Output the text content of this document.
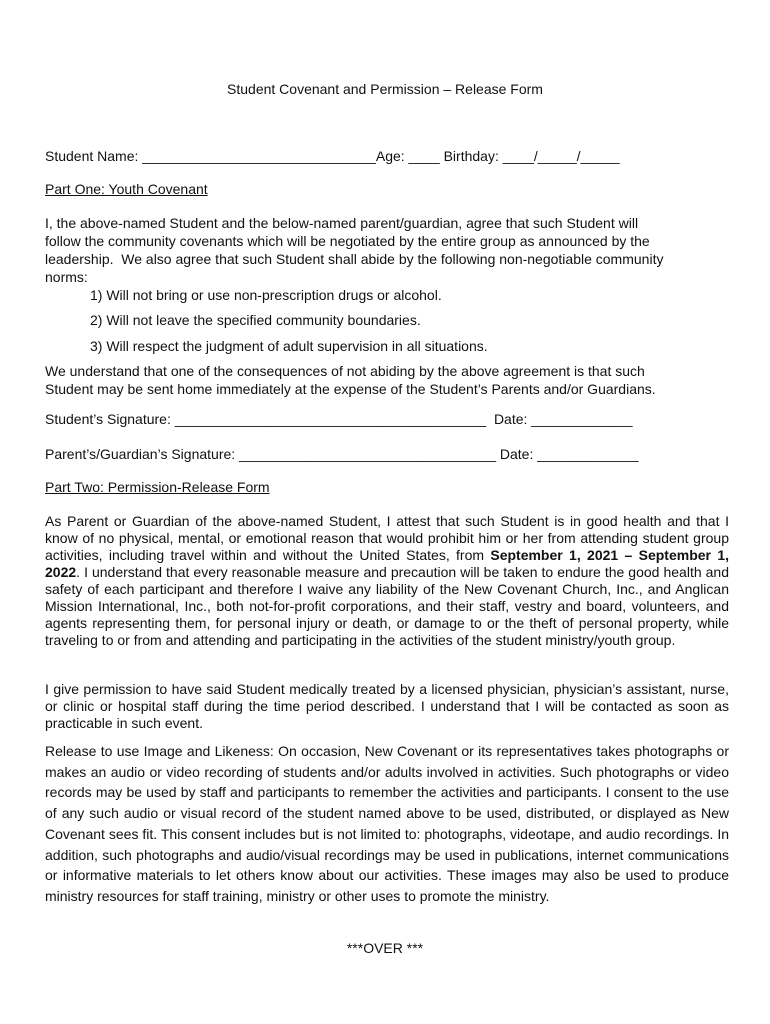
Student Covenant and Permission – Release Form
Student Name: ______________________________Age: ____ Birthday: ____/_____/_____
Part One: Youth Covenant
I, the above-named Student and the below-named parent/guardian, agree that such Student will
follow the community covenants which will be negotiated by the entire group as announced by the
leadership.  We also agree that such Student shall abide by the following non-negotiable community
norms:
1) Will not bring or use non-prescription drugs or alcohol.
2) Will not leave the specified community boundaries.
3) Will respect the judgment of adult supervision in all situations.
We understand that one of the consequences of not abiding by the above agreement is that such
Student may be sent home immediately at the expense of the Student’s Parents and/or Guardians.
Student’s Signature: ________________________________________  Date: _____________
Parent’s/Guardian’s Signature: _________________________________ Date: _____________
Part Two: Permission-Release Form

As Parent or Guardian of the above-named Student, I attest that such Student is in good health and that I know of no physical, mental, or emotional reason that would prohibit him or her from attending student group activities, including travel within and without the United States, from September 1, 2021 – September 1, 2022. I understand that every reasonable measure and precaution will be taken to endure the good health and safety of each participant and therefore I waive any liability of the New Covenant Church, Inc., and Anglican Mission International, Inc., both not-for-profit corporations, and their staff, vestry and board, volunteers, and agents representing them, for personal injury or death, or damage to or the theft of personal property, while traveling to or from and attending and participating in the activities of the student ministry/youth group.

I give permission to have said Student medically treated by a licensed physician, physician’s assistant, nurse, or clinic or hospital staff during the time period described. I understand that I will be contacted as soon as practicable in such event.

Release to use Image and Likeness: On occasion, New Covenant or its representatives takes photographs or makes an audio or video recording of students and/or adults involved in activities. Such photographs or video records may be used by staff and participants to remember the activities and participants. I consent to the use of any such audio or visual record of the student named above to be used, distributed, or displayed as New Covenant sees fit. This consent includes but is not limited to: photographs, videotape, and audio recordings. In addition, such photographs and audio/visual recordings may be used in publications, internet communications or informative materials to let others know about our activities. These images may also be used to produce ministry resources for staff training, ministry or other uses to promote the ministry.

***OVER ***
